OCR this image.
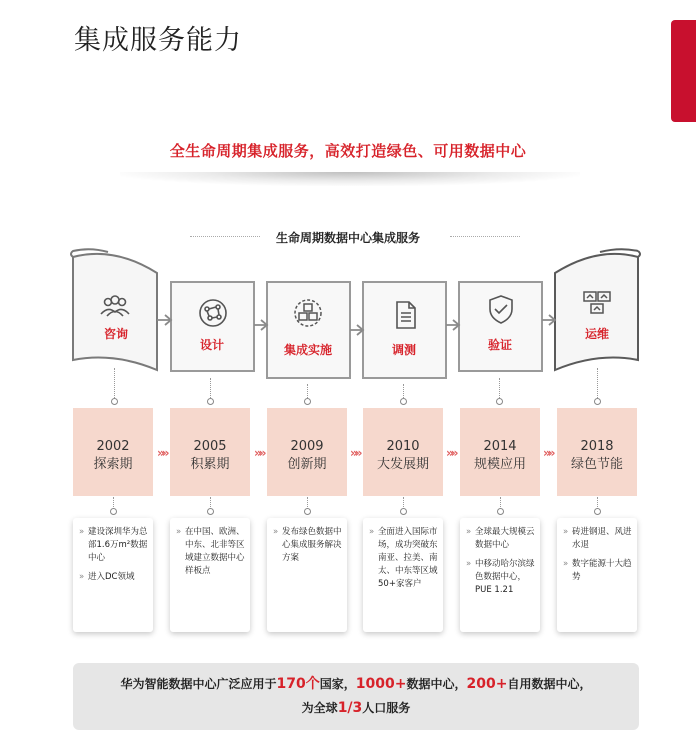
集成服务能力
全生命周期集成服务，高效打造绿色、可用数据中心
生命周期数据中心集成服务
咨询
设计	集成实施	调测	验证
运维
2002
探索期
»»	2005
积累期
»»	2009
创新期
»»	2010
大发展期
»»	2014
规模应用
»»	2018
绿色节能
» 建设深圳华为总部1.6万m²数据中心
» 进入DC领域
» 在中国、欧洲、中东、北非等区域建立数据中心样板点
» 发布绿色数据中心集成服务解决方案
» 全面进入国际市场，成功突破东南亚、拉美、南太、中东等区域50+家客户
» 全球最大规模云数据中心
» 中移动哈尔滨绿色数据中心，PUE 1.21
» 砖进钢退、风进水退
» 数字能源十大趋势
华为智能数据中心广泛应用于170个国家，1000+数据中心，200+自用数据中心，
为全球1/3人口服务
